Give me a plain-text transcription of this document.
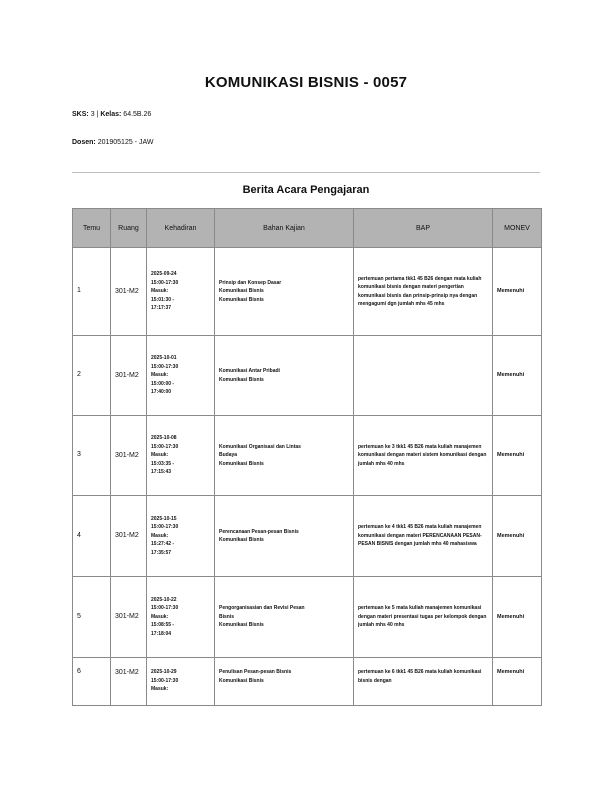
KOMUNIKASI BISNIS - 0057
SKS: 3 | Kelas: 64.5B.26
Dosen: 201905125 - JAW
Berita Acara Pengajaran
Temu	Ruang	Kehadiran	Bahan Kajian	BAP	MONEV
1	301-M2	2025-09-24
15:00-17:30
Masuk:
15:01:30 -
17:17:37	Prinsip dan Konsep Dasar
Komunikasi Bisnis
Komunikasi Bisnis	pertemuan pertama tkk1 45 B26 dengan mata kuliah komunikasi bisnis dengan materi pengertian komunikasi bisnis dan prinsip-prinsip nya dengan mengagumi dgn jumlah mhs 45 mhs	Memenuhi
2	301-M2	2025-10-01
15:00-17:30
Masuk:
15:00:00 -
17:40:00	Komunikasi Antar Pribadi
Komunikasi Bisnis		Memenuhi
3	301-M2	2025-10-08
15:00-17:30
Masuk:
15:03:35 -
17:15:43	Komunikasi Organisasi dan Lintas
Budaya
Komunikasi Bisnis	pertemuan ke 3 tkk1 45 B26 mata kuliah manajemen komunikasi dengan materi sistem komunikasi dengan jumlah mhs 40 mhs	Memenuhi
4	301-M2	2025-10-15
15:00-17:30
Masuk:
15:27:42 -
17:35:57	Perencanaan Pesan-pesan Bisnis
Komunikasi Bisnis	pertemuan ke 4 tkk1 45 B26 mata kuliah manajemen komunikasi dengan materi PERENCANAAN PESAN-PESAN BISNIS dengan jumlah mhs 40 mahasiswa	Memenuhi
5	301-M2	2025-10-22
15:00-17:30
Masuk:
15:08:55 -
17:18:04	Pengorganisasian dan Revisi Pesan
Bisnis
Komunikasi Bisnis	pertemuan ke 5 mata kuliah manajemen komunikasi dengan materi presentasi tugas per kelompok dengan jumlah mhs 40 mhs	Memenuhi
6	301-M2	2025-10-29
15:00-17:30
Masuk:	Penulisan Pesan-pesan Bisnis
Komunikasi Bisnis	pertemuan ke 6 tkk1 45 B26 mata kuliah komunikasi bisnis dengan	Memenuhi
